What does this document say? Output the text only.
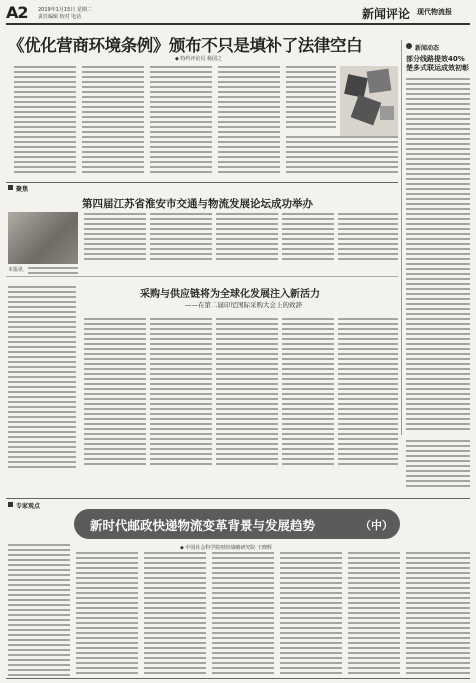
A2 2019年1月15日 星期二
责任编辑 校对 电话	新闻评论 现代物流报
《优化营商环境条例》颁布不只是填补了法律空白
◆ 特约评论员 杨国之
新闻动态
部分线路提效40% 楚多式联运成效初彰
聚焦
第四届江苏省淮安市交通与物流发展论坛成功举办
本报讯
采购与供应链将为全球化发展注入新活力
——在第二届印尼国际采购大会上的致辞
专家观点
新时代邮政快递物流变革背景与发展趋势	（中）
◆ 中国社会科学院财经战略研究院 王晓辉
